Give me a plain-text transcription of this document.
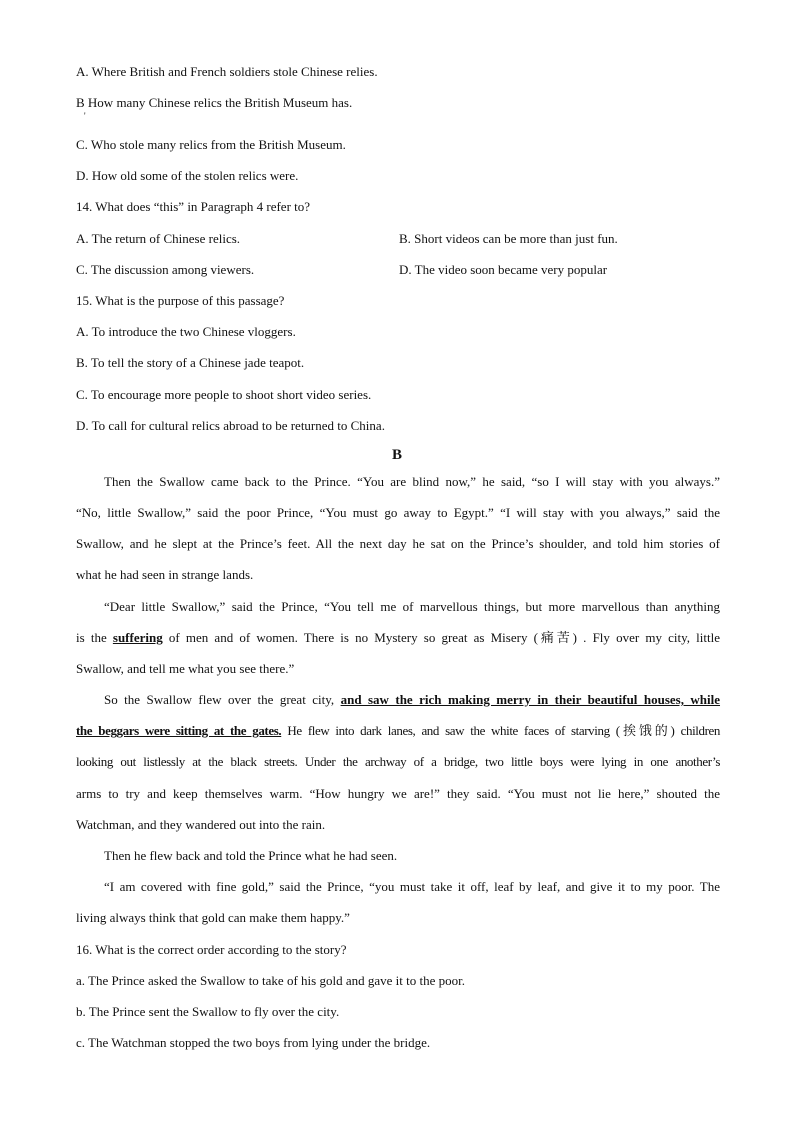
A. Where British and French soldiers stole Chinese relies.
B How many Chinese relics the British Museum has.
'
C. Who stole many relics from the British Museum.
D. How old some of the stolen relics were.
14. What does “this” in Paragraph 4 refer to?
A. The return of Chinese relics.	B. Short videos can be more than just fun.
C. The discussion among viewers.	D. The video soon became very popular
15. What is the purpose of this passage?
A. To introduce the two Chinese vloggers.
B. To tell the story of a Chinese jade teapot.
C. To encourage more people to shoot short video series.
D. To call for cultural relics abroad to be returned to China.
B
Then the Swallow came back to the Prince. “You are blind now,” he said, “so I will stay with you always.”
“No, little Swallow,” said the poor Prince, “You must go away to Egypt.” “I will stay with you always,” said the
Swallow, and he slept at the Prince’s feet. All the next day he sat on the Prince’s shoulder, and told him stories of
what he had seen in strange lands.
“Dear little Swallow,” said the Prince, “You tell me of marvellous things, but more marvellous than anything
is the suffering of men and of women. There is no Mystery so great as Misery (痛苦) . Fly over my city, little
Swallow, and tell me what you see there.”
So the Swallow flew over the great city, and saw the rich making merry in their beautiful houses, while
the beggars were sitting at the gates. He flew into dark lanes, and saw the white faces of starving (挨饿的) children
looking out listlessly at the black streets. Under the archway of a bridge, two little boys were lying in one another’s
arms to try and keep themselves warm. “How hungry we are!” they said. “You must not lie here,” shouted the
Watchman, and they wandered out into the rain.
Then he flew back and told the Prince what he had seen.
“I am covered with fine gold,” said the Prince, “you must take it off, leaf by leaf, and give it to my poor. The
living always think that gold can make them happy.”
16. What is the correct order according to the story?
a. The Prince asked the Swallow to take of his gold and gave it to the poor.
b. The Prince sent the Swallow to fly over the city.
c. The Watchman stopped the two boys from lying under the bridge.
